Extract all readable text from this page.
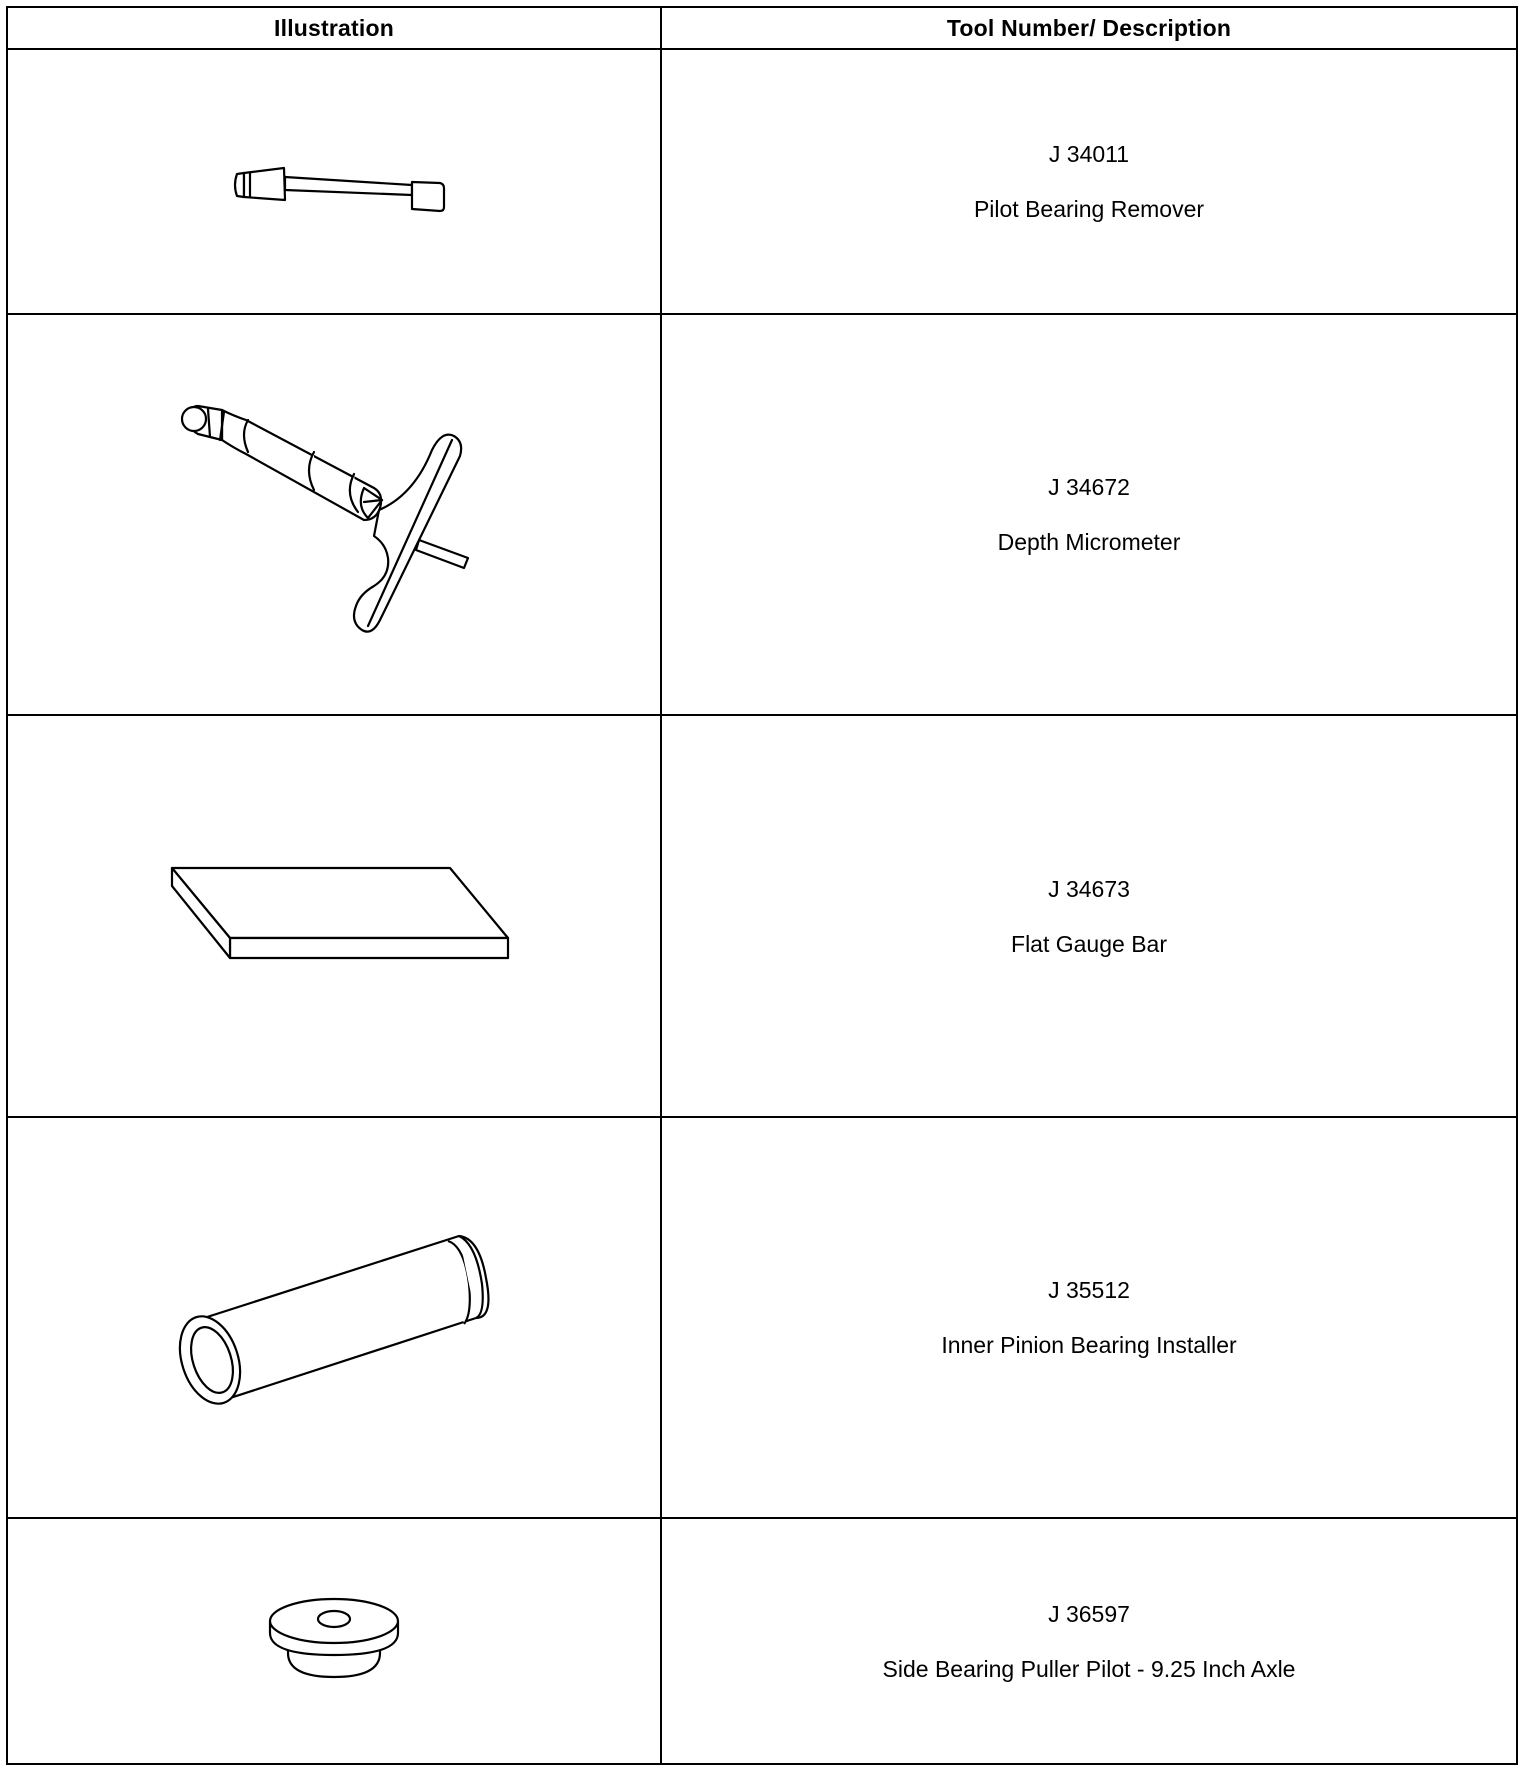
Illustration	Tool Number/ Description

J 34011
Pilot Bearing Remover

J 34672
Depth Micrometer

J 34673
Flat Gauge Bar

J 35512
Inner Pinion Bearing Installer

J 36597
Side Bearing Puller Pilot - 9.25 Inch Axle
